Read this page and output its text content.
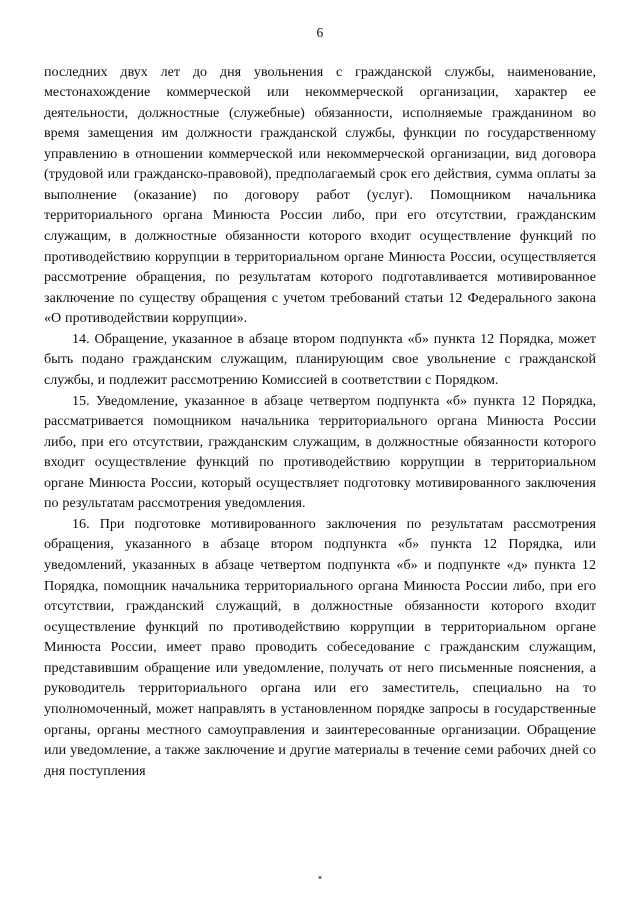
6

последних двух лет до дня увольнения с гражданской службы, наименование, местонахождение коммерческой или некоммерческой организации, характер ее деятельности, должностные (служебные) обязанности, исполняемые гражданином во время замещения им должности гражданской службы, функции по государственному управлению в отношении коммерческой или некоммерческой организации, вид договора (трудовой или гражданско-правовой), предполагаемый срок его действия, сумма оплаты за выполнение (оказание) по договору работ (услуг). Помощником начальника территориального органа Минюста России либо, при его отсутствии, гражданским служащим, в должностные обязанности которого входит осуществление функций по противодействию коррупции в территориальном органе Минюста России, осуществляется рассмотрение обращения, по результатам которого подготавливается мотивированное заключение по существу обращения с учетом требований статьи 12 Федерального закона «О противодействии коррупции».

14. Обращение, указанное в абзаце втором подпункта «б» пункта 12 Порядка, может быть подано гражданским служащим, планирующим свое увольнение с гражданской службы, и подлежит рассмотрению Комиссией в соответствии с Порядком.

15. Уведомление, указанное в абзаце четвертом подпункта «б» пункта 12 Порядка, рассматривается помощником начальника территориального органа Минюста России либо, при его отсутствии, гражданским служащим, в должностные обязанности которого входит осуществление функций по противодействию коррупции в территориальном органе Минюста России, который осуществляет подготовку мотивированного заключения по результатам рассмотрения уведомления.

16. При подготовке мотивированного заключения по результатам рассмотрения обращения, указанного в абзаце втором подпункта «б» пункта 12 Порядка, или уведомлений, указанных в абзаце четвертом подпункта «б» и подпункте «д» пункта 12 Порядка, помощник начальника территориального органа Минюста России либо, при его отсутствии, гражданский служащий, в должностные обязанности которого входит осуществление функций по противодействию коррупции в территориальном органе Минюста России, имеет право проводить собеседование с гражданским служащим, представившим обращение или уведомление, получать от него письменные пояснения, а руководитель территориального органа или его заместитель, специально на то уполномоченный, может направлять в установленном порядке запросы в государственные органы, органы местного самоуправления и заинтересованные организации. Обращение или уведомление, а также заключение и другие материалы в течение семи рабочих дней со дня поступления
